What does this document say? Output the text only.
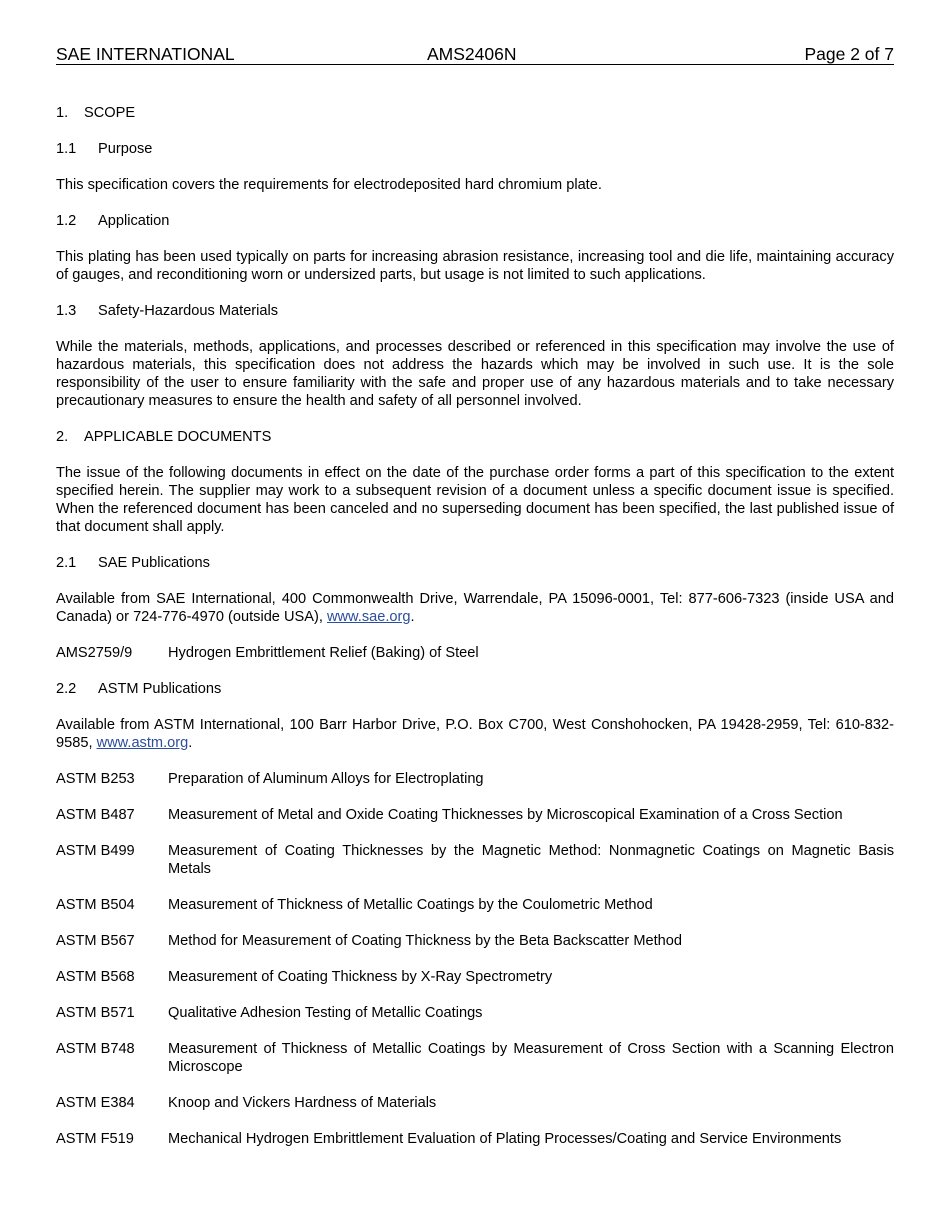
SAE INTERNATIONAL	AMS2406N	Page 2 of 7
1. SCOPE
1.1 Purpose

This specification covers the requirements for electrodeposited hard chromium plate.

1.2 Application

This plating has been used typically on parts for increasing abrasion resistance, increasing tool and die life, maintaining accuracy of gauges, and reconditioning worn or undersized parts, but usage is not limited to such applications.

1.3 Safety-Hazardous Materials

While the materials, methods, applications, and processes described or referenced in this specification may involve the use of hazardous materials, this specification does not address the hazards which may be involved in such use. It is the sole responsibility of the user to ensure familiarity with the safe and proper use of any hazardous materials and to take necessary precautionary measures to ensure the health and safety of all personnel involved.

2. APPLICABLE DOCUMENTS

The issue of the following documents in effect on the date of the purchase order forms a part of this specification to the extent specified herein. The supplier may work to a subsequent revision of a document unless a specific document issue is specified. When the referenced document has been canceled and no superseding document has been specified, the last published issue of that document shall apply.

2.1 SAE Publications

Available from SAE International, 400 Commonwealth Drive, Warrendale, PA 15096-0001, Tel: 877-606-7323 (inside USA and Canada) or 724-776-4970 (outside USA), www.sae.org.

AMS2759/9	Hydrogen Embrittlement Relief (Baking) of Steel
2.2 ASTM Publications

Available from ASTM International, 100 Barr Harbor Drive, P.O. Box C700, West Conshohocken, PA 19428-2959, Tel: 610-832-9585, www.astm.org.

ASTM B253	Preparation of Aluminum Alloys for Electroplating
ASTM B487	Measurement of Metal and Oxide Coating Thicknesses by Microscopical Examination of a Cross Section
ASTM B499	Measurement of Coating Thicknesses by the Magnetic Method: Nonmagnetic Coatings on Magnetic Basis Metals
ASTM B504	Measurement of Thickness of Metallic Coatings by the Coulometric Method
ASTM B567	Method for Measurement of Coating Thickness by the Beta Backscatter Method
ASTM B568	Measurement of Coating Thickness by X-Ray Spectrometry
ASTM B571	Qualitative Adhesion Testing of Metallic Coatings
ASTM B748	Measurement of Thickness of Metallic Coatings by Measurement of Cross Section with a Scanning Electron Microscope
ASTM E384	Knoop and Vickers Hardness of Materials
ASTM F519	Mechanical Hydrogen Embrittlement Evaluation of Plating Processes/Coating and Service Environments
